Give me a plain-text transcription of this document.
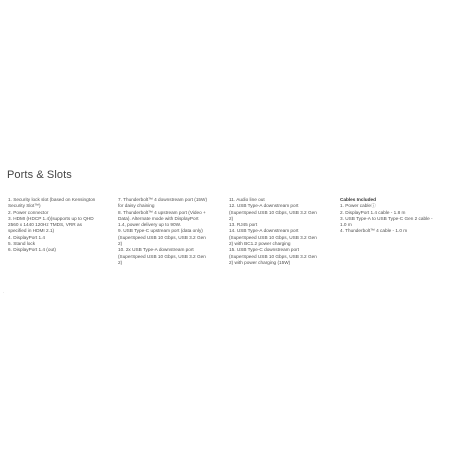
Ports & Slots
1. Security lock slot (based on Kensington
Security Slot™)
2. Power connector
3. HDMI (HDCP 1.4)(supports up to QHD
2560 x 1440 120Hz TMDS, VRR as
specified in HDMI 2.1)
4. DisplayPort 1.4
5. Stand lock
6. DisplayPort 1.4 (out)
7. Thunderbolt™ 4 downstream port (15W)
for daisy chaining
8. Thunderbolt™ 4 upstream port (Video +
Data). Alternate mode with DisplayPort
1.4, power delivery up to 90W.
9. USB Type-C upstream port (data only)
(SuperSpeed USB 10 Gbps, USB 3.2 Gen
2)
10. 2x USB Type-A downstream port
(SuperSpeed USB 10 Gbps, USB 3.2 Gen
2)
11. Audio line out
12. USB Type-A downstream port
(SuperSpeed USB 10 Gbps, USB 3.2 Gen
2)
13. RJ45 port
14. USB Type-A downstream port
(SuperSpeed USB 10 Gbps, USB 3.2 Gen
2) with BC1.2 power charging
15. USB Type-C downstream port
(SuperSpeed USB 10 Gbps, USB 3.2 Gen
2) with power charging (15W)
Cables Included
1. Power cableⓘ
2. DisplayPort 1.4 cable - 1.8 m
3. USB Type-A to USB Type-C Gen 2 cable -
1.0 m
4. Thunderbolt™ 4 cable - 1.0 m
.
